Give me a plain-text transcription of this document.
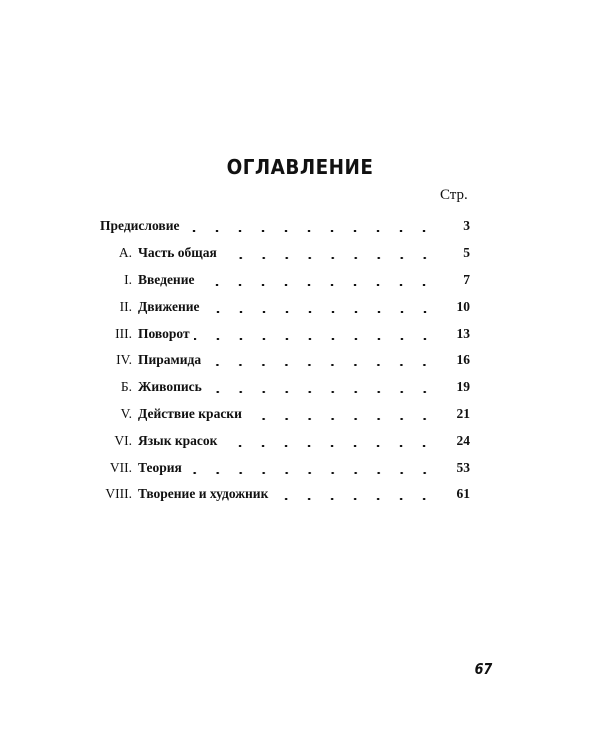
ОГЛАВЛЕНИЕ
Стр.
Предисловие	3
А. Часть общая	5
I. Введение	7
II. Движение	10
III. Поворот	13
IV. Пирамида	16
Б. Живопись	19
V. Действие краски	21
VI. Язык красок	24
VII. Теория	53
VIII. Творение и художник	61
67
